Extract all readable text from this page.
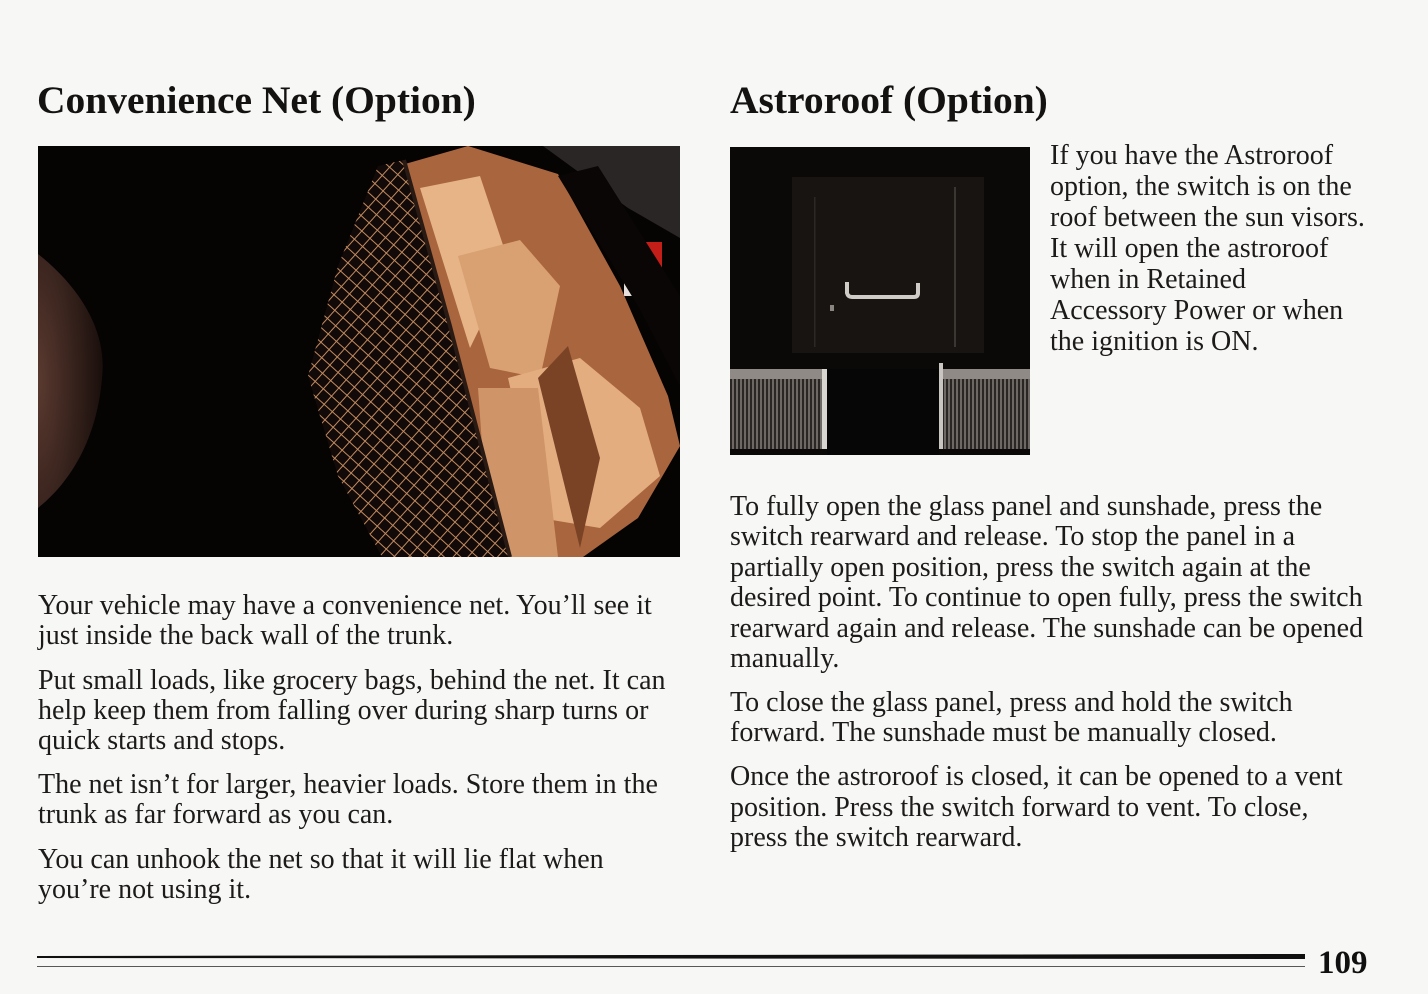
Convenience Net (Option)

Your vehicle may have a convenience net. You’ll see it
just inside the back wall of the trunk.

Put small loads, like grocery bags, behind the net. It can
help keep them from falling over during sharp turns or
quick starts and stops.

The net isn’t for larger, heavier loads. Store them in the
trunk as far forward as you can.

You can unhook the net so that it will lie flat when
you’re not using it.

Astroroof (Option)

If you have the Astroroof
option, the switch is on the
roof between the sun visors.
It will open the astroroof
when in Retained
Accessory Power or when
the ignition is ON.

To fully open the glass panel and sunshade, press the
switch rearward and release. To stop the panel in a
partially open position, press the switch again at the
desired point. To continue to open fully, press the switch
rearward again and release. The sunshade can be opened
manually.

To close the glass panel, press and hold the switch
forward. The sunshade must be manually closed.

Once the astroroof is closed, it can be opened to a vent
position. Press the switch forward to vent. To close,
press the switch rearward.

109
